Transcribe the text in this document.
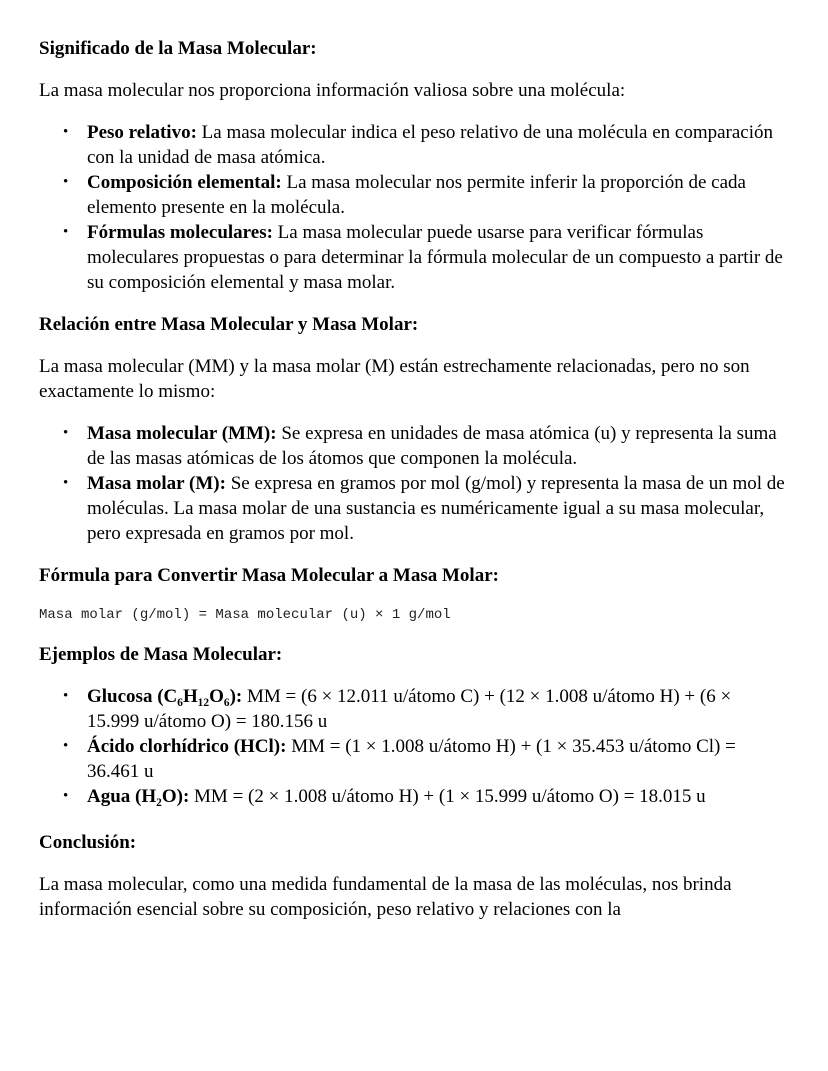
Significado de la Masa Molecular:

La masa molecular nos proporciona información valiosa sobre una molécula:

• Peso relativo: La masa molecular indica el peso relativo de una molécula en comparación con la unidad de masa atómica.
• Composición elemental: La masa molecular nos permite inferir la proporción de cada elemento presente en la molécula.
• Fórmulas moleculares: La masa molecular puede usarse para verificar fórmulas moleculares propuestas o para determinar la fórmula molecular de un compuesto a partir de su composición elemental y masa molar.
Relación entre Masa Molecular y Masa Molar:

La masa molecular (MM) y la masa molar (M) están estrechamente relacionadas, pero no son exactamente lo mismo:

• Masa molecular (MM): Se expresa en unidades de masa atómica (u) y representa la suma de las masas atómicas de los átomos que componen la molécula.
• Masa molar (M): Se expresa en gramos por mol (g/mol) y representa la masa de un mol de moléculas. La masa molar de una sustancia es numéricamente igual a su masa molecular, pero expresada en gramos por mol.
Fórmula para Convertir Masa Molecular a Masa Molar:
Masa molar (g/mol) = Masa molecular (u) × 1 g/mol
Ejemplos de Masa Molecular:
• Glucosa (C₆H₁₂O₆): MM = (6 × 12.011 u/átomo C) + (12 × 1.008 u/átomo H) + (6 × 15.999 u/átomo O) = 180.156 u
• Ácido clorhídrico (HCl): MM = (1 × 1.008 u/átomo H) + (1 × 35.453 u/átomo Cl) = 36.461 u
• Agua (H₂O): MM = (2 × 1.008 u/átomo H) + (1 × 15.999 u/átomo O) = 18.015 u
Conclusión:

La masa molecular, como una medida fundamental de la masa de las moléculas, nos brinda información esencial sobre su composición, peso relativo y relaciones con la
